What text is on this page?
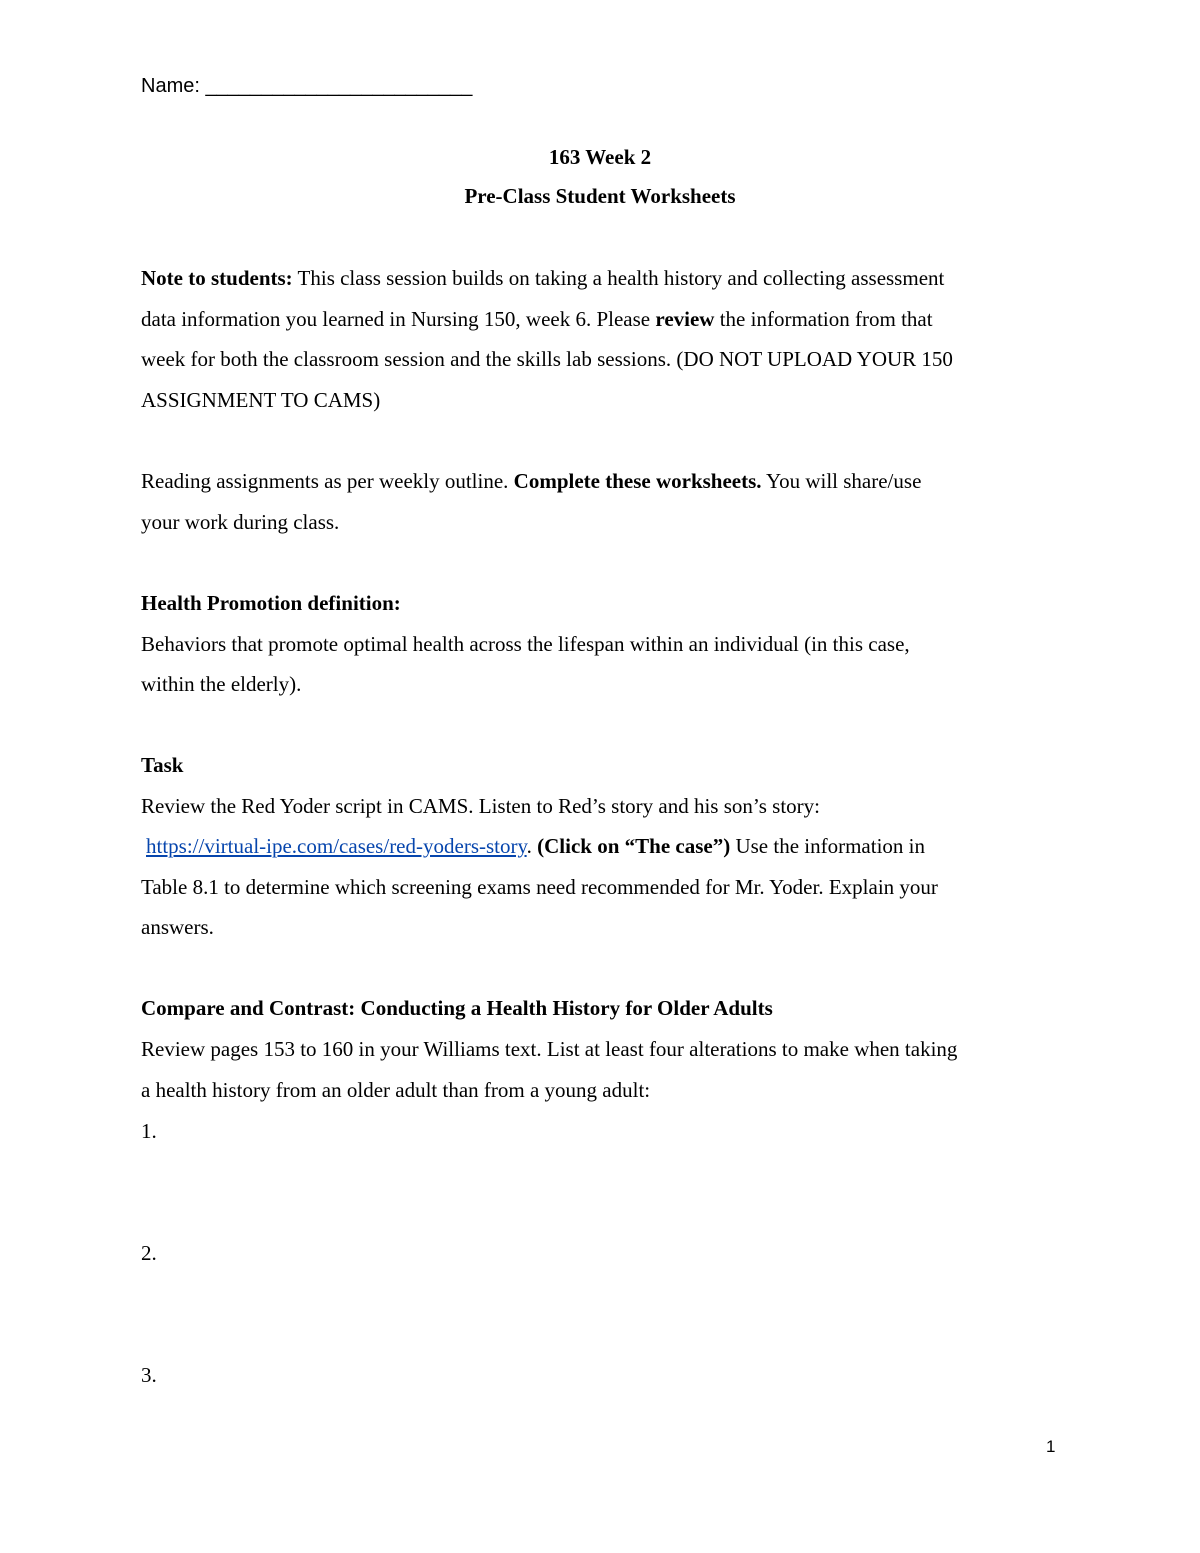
Name: ________________________
163 Week 2
Pre-Class Student Worksheets
Note to students: This class session builds on taking a health history and collecting assessment
data information you learned in Nursing 150, week 6. Please review the information from that
week for both the classroom session and the skills lab sessions. (DO NOT UPLOAD YOUR 150
ASSIGNMENT TO CAMS)
Reading assignments as per weekly outline. Complete these worksheets. You will share/use
your work during class.
Health Promotion definition:
Behaviors that promote optimal health across the lifespan within an individual (in this case,
within the elderly).
Task
Review the Red Yoder script in CAMS. Listen to Red’s story and his son’s story:
https://virtual-ipe.com/cases/red-yoders-story. (Click on “The case”) Use the information in
Table 8.1 to determine which screening exams need recommended for Mr. Yoder. Explain your
answers.
Compare and Contrast: Conducting a Health History for Older Adults
Review pages 153 to 160 in your Williams text. List at least four alterations to make when taking
a health history from an older adult than from a young adult:
1.
2.
3.
1
